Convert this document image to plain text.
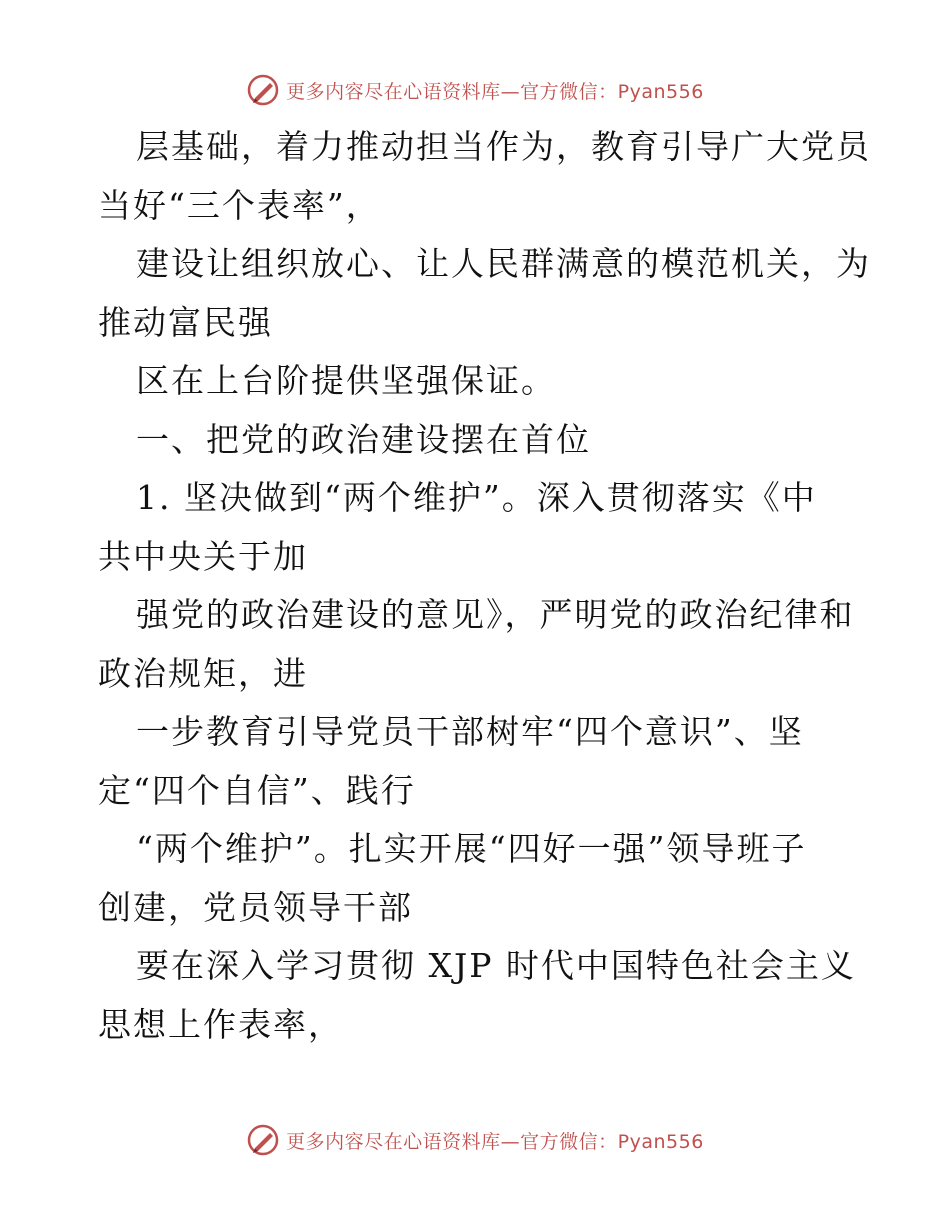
更多内容尽在心语资料库—官方微信：Pyan556
层基础，着力推动担当作为，教育引导广大党员
当好“三个表率”，
建设让组织放心、让人民群满意的模范机关，为
推动富民强
区在上台阶提供坚强保证。
一、把党的政治建设摆在首位
1. 坚决做到“两个维护”。深入贯彻落实《中
共中央关于加
强党的政治建设的意见》，严明党的政治纪律和
政治规矩，进
一步教育引导党员干部树牢“四个意识”、坚
定“四个自信”、践行
“两个维护”。扎实开展“四好一强”领导班子
创建，党员领导干部
要在深入学习贯彻 XJP 时代中国特色社会主义
思想上作表率，
更多内容尽在心语资料库—官方微信：Pyan556
